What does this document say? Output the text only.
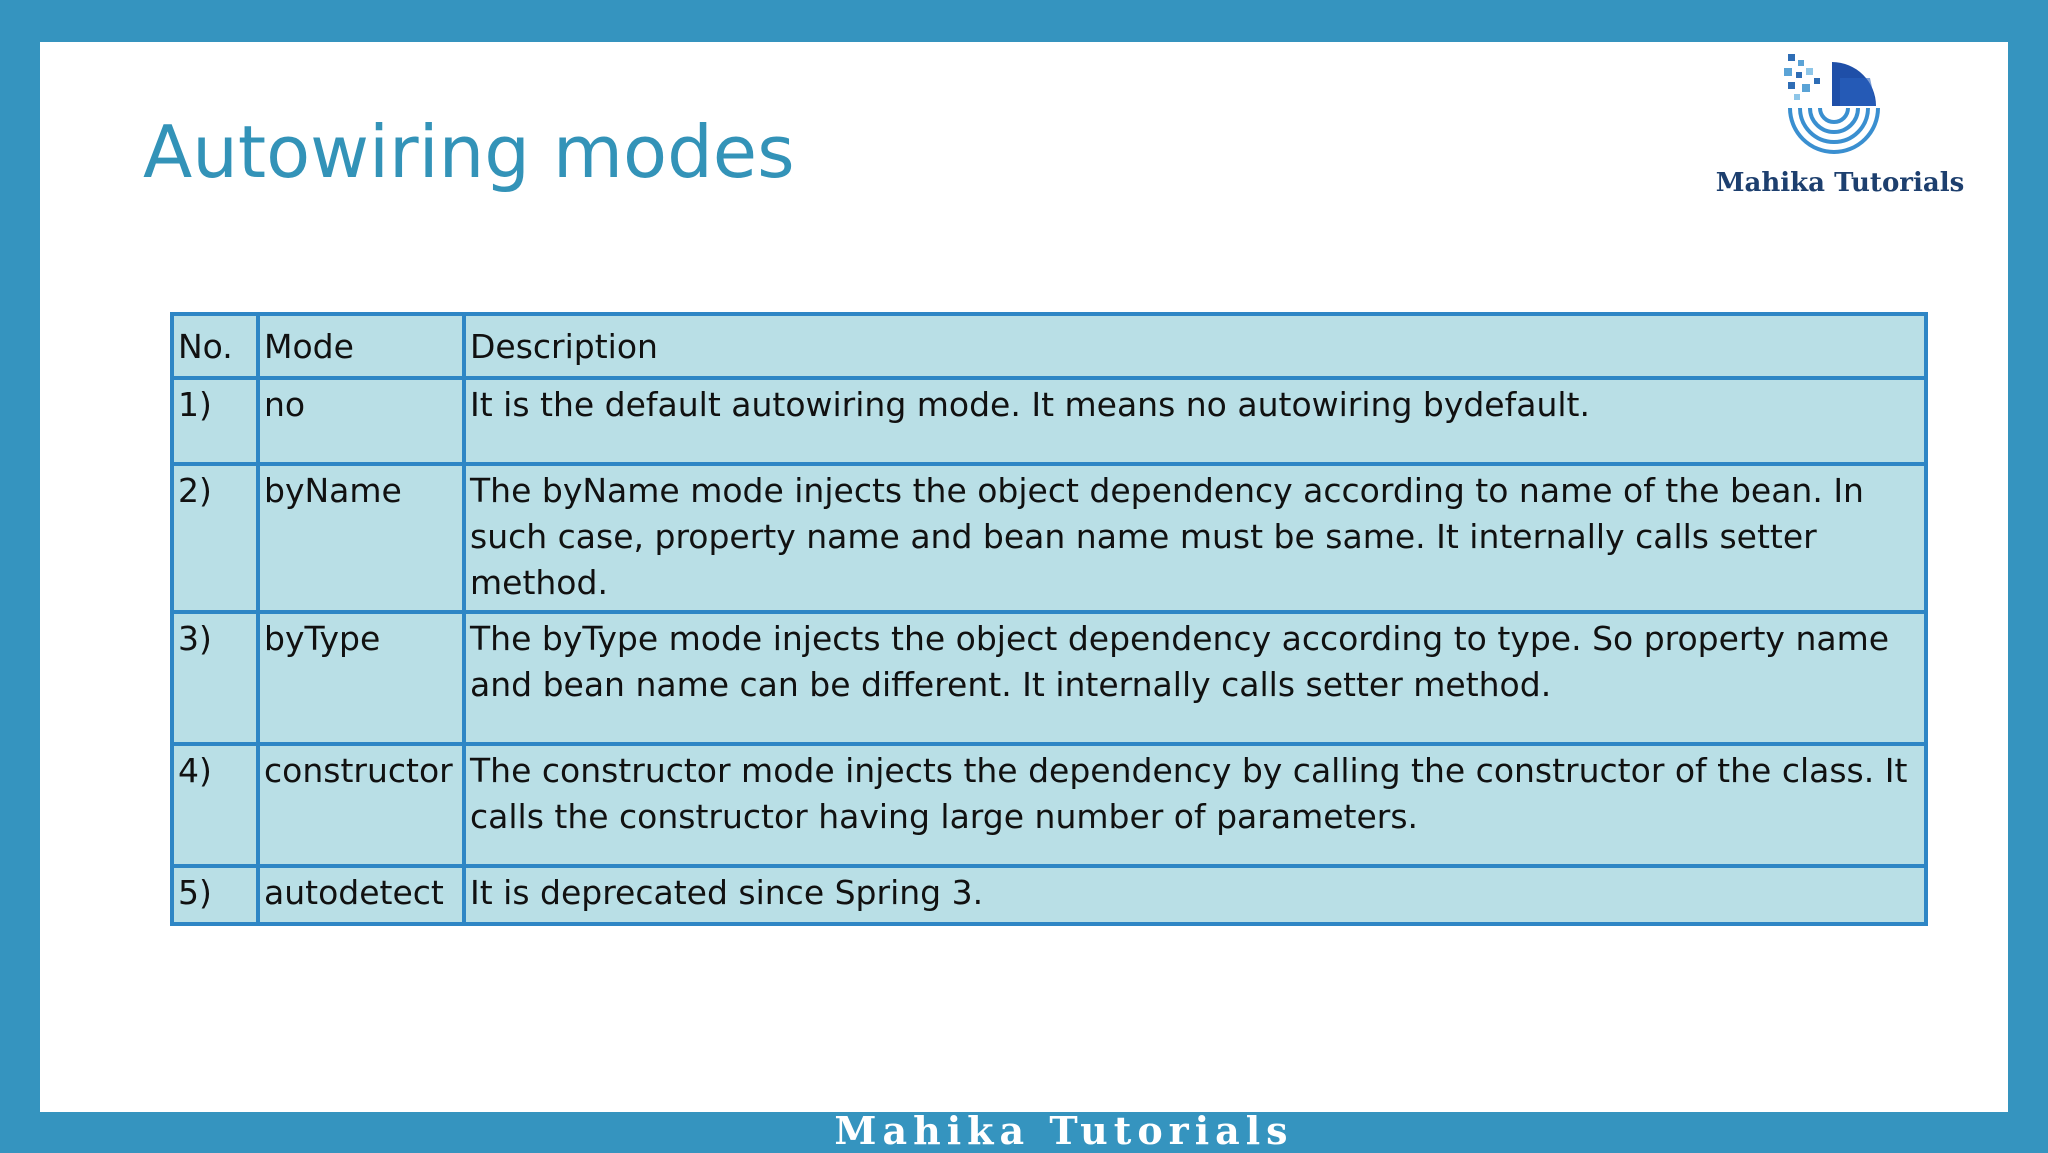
Autowiring modes	Mahika Tutorials
No.	Mode	Description
1)	no	It is the default autowiring mode. It means no autowiring bydefault.
2)	byName	The byName mode injects the object dependency according to name of the bean. In such case, property name and bean name must be same. It internally calls setter method.
3)	byType	The byType mode injects the object dependency according to type. So property name and bean name can be different. It internally calls setter method.
4)	constructor	The constructor mode injects the dependency by calling the constructor of the class. It calls the constructor having large number of parameters.
5)	autodetect	It is deprecated since Spring 3.
Mahika Tutorials
